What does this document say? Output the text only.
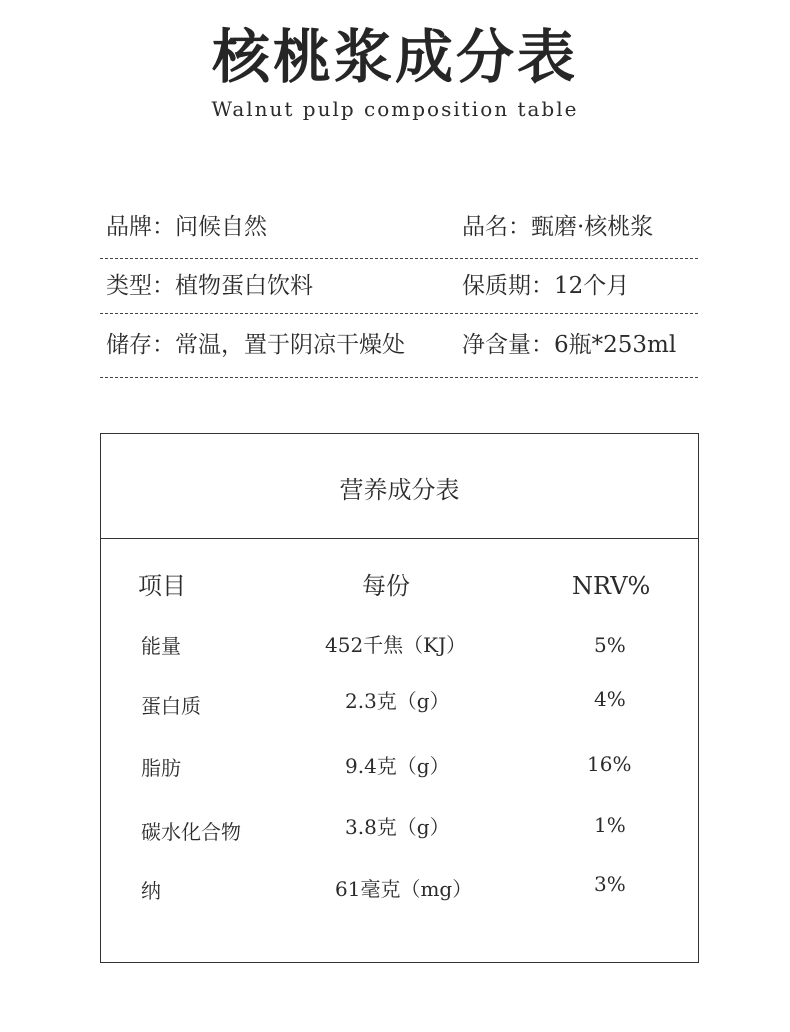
核桃浆成分表
Walnut pulp composition table
品牌：问候自然	品名：甄磨·核桃浆
类型：植物蛋白饮料	保质期：12个月
储存：常温，置于阴凉干燥处 净含量：6瓶*253ml
营养成分表
项目	每份	NRV%
能量	452千焦（KJ）	5%
蛋白质	2.3克（g）	4%
脂肪	9.4克（g）	16%
碳水化合物	3.8克（g）	1%
纳	61毫克（mg）	3%
